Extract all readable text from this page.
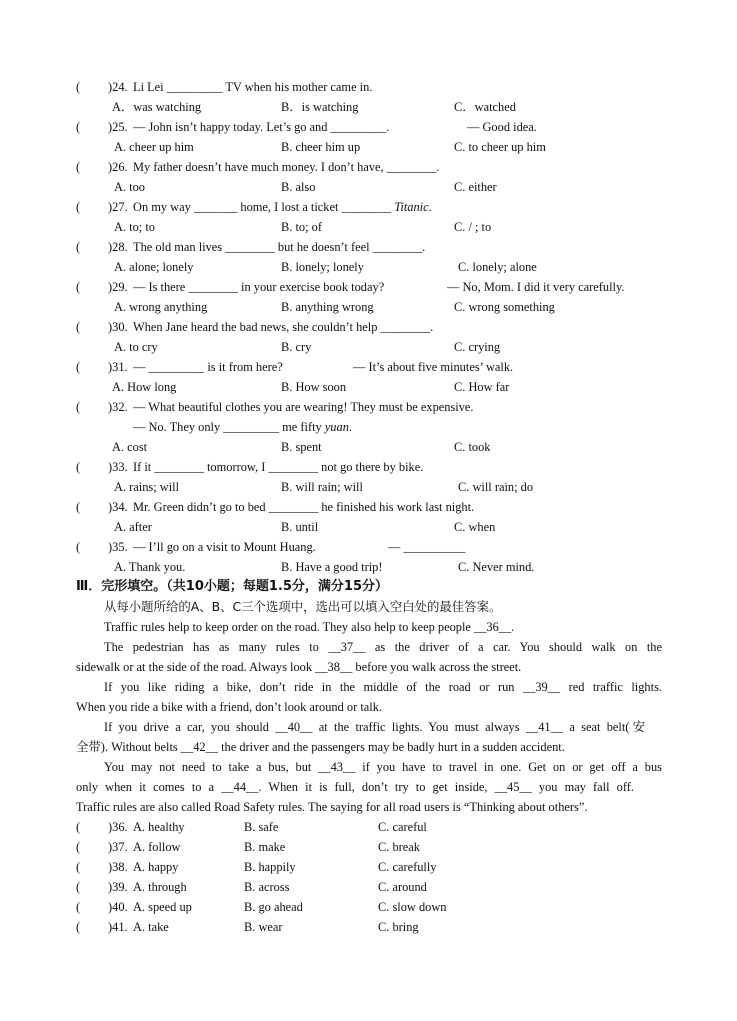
( )24. Li Lei _________ TV when his mother came in.
A．was watching	B．is watching	C．watched
( )25. — John isn’t happy today. Let’s go and _________.	— Good idea.
A. cheer up him	B. cheer him up	C. to cheer up him
( )26. My father doesn’t have much money. I don’t have, ________.
A. too	B. also	C. either
( )27. On my way _______ home, I lost a ticket ________ Titanic.
A. to; to	B. to; of	C. / ; to
( )28. The old man lives ________ but he doesn’t feel ________.
A. alone; lonely	B. lonely; lonely	C. lonely; alone
( )29. — Is there ________ in your exercise book today?	— No, Mom. I did it very carefully.
A. wrong anything	B. anything wrong	C. wrong something
( )30. When Jane heard the bad news, she couldn’t help ________.
A. to cry	B. cry	C. crying
( )31. — _________ is it from here?	— It’s about five minutes’ walk.
A. How long	B. How soon	C. How far
( )32. — What beautiful clothes you are wearing! They must be expensive.
— No. They only _________ me fifty yuan.
A. cost	B. spent	C. took
( )33. If it ________ tomorrow, I ________ not go there by bike.
A. rains; will	B. will rain; will	C. will rain; do
( )34. Mr. Green didn’t go to bed ________ he finished his work last night.
A. after	B. until	C. when
( )35. — I’ll go on a visit to Mount Huang.	— __________
A. Thank you.	B. Have a good trip!	C. Never mind.
Ⅲ．完形填空。（共10小题；每题1.5分，满分15分）
从每小题所给的A、B、C三个选项中，选出可以填入空白处的最佳答案。
Traffic rules help to keep order on the road. They also help to keep people __36__.
The pedestrian has as many rules to __37__ as the driver of a car. You should walk on the
sidewalk or at the side of the road. Always look __38__ before you walk across the street.
If you like riding a bike, don’t ride in the middle of the road or run __39__ red traffic lights.
When you ride a bike with a friend, don’t look around or talk.
If you drive a car, you should __40__ at the traffic lights. You must always __41__ a seat belt(安
全带). Without belts __42__ the driver and the passengers may be badly hurt in a sudden accident.
You may not need to take a bus, but __43__ if you have to travel in one. Get on or get off a bus
only when it comes to a __44__. When it is full, don’t try to get inside, __45__ you may fall off.
Traffic rules are also called Road Safety rules. The saying for all road users is “Thinking about others”.
( )36. A. healthy	B. safe	C. careful
( )37. A. follow	B. make	C. break
( )38. A. happy	B. happily	C. carefully
( )39. A. through	B. across	C. around
( )40. A. speed up	B. go ahead	C. slow down
( )41. A. take	B. wear	C. bring
